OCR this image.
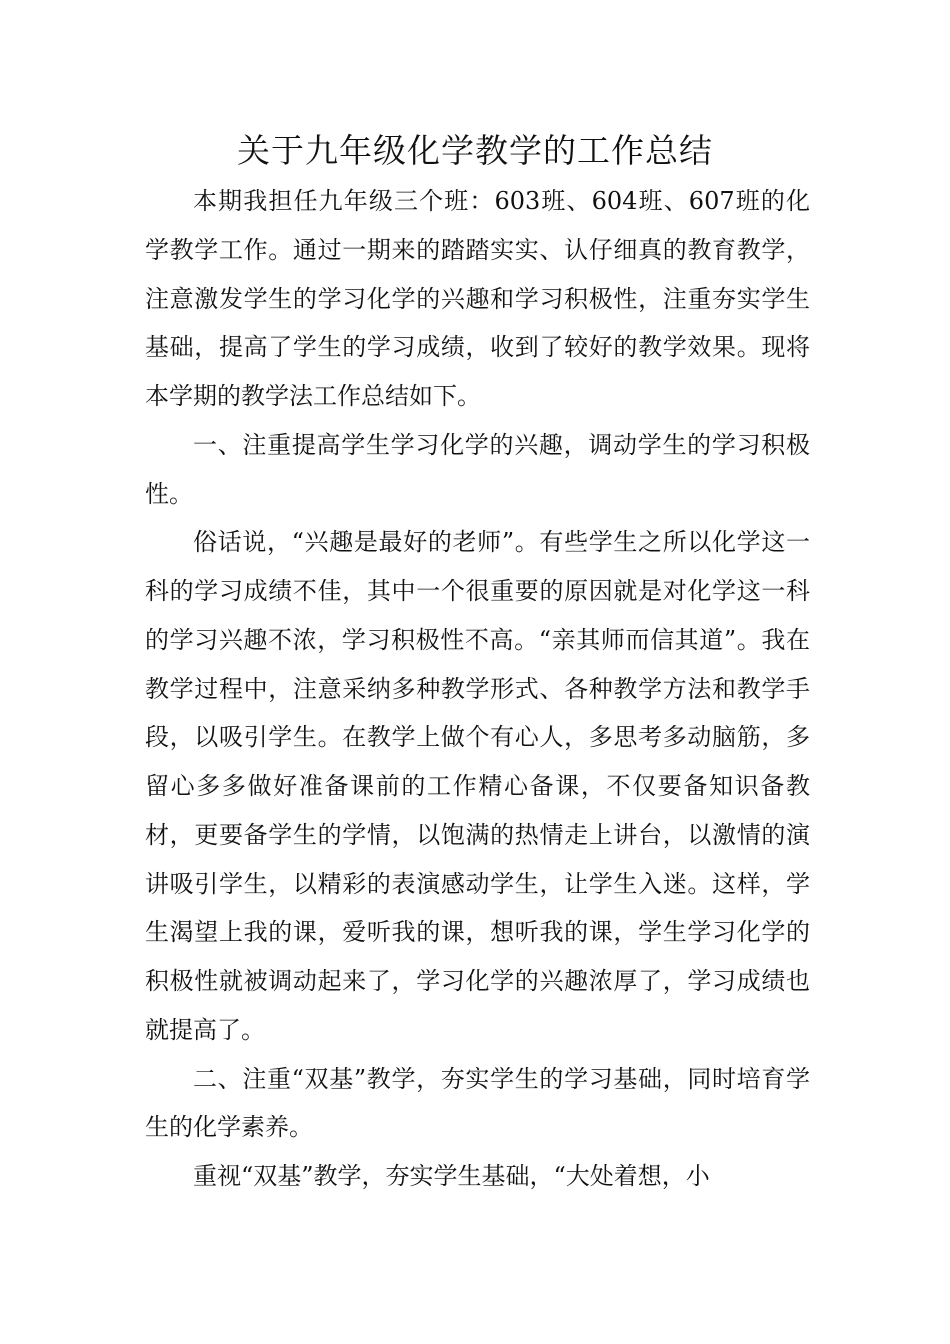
关于九年级化学教学的工作总结

本期我担任九年级三个班：603班、604班、607班的化学教学工作。通过一期来的踏踏实实、认仔细真的教育教学，注意激发学生的学习化学的兴趣和学习积极性，注重夯实学生基础，提高了学生的学习成绩，收到了较好的教学效果。现将本学期的教学法工作总结如下。

一、注重提高学生学习化学的兴趣，调动学生的学习积极性。

俗话说，“兴趣是最好的老师”。有些学生之所以化学这一科的学习成绩不佳，其中一个很重要的原因就是对化学这一科的学习兴趣不浓，学习积极性不高。“亲其师而信其道”。我在教学过程中，注意采纳多种教学形式、各种教学方法和教学手段，以吸引学生。在教学上做个有心人，多思考多动脑筋，多留心多多做好准备课前的工作精心备课，不仅要备知识备教材，更要备学生的学情，以饱满的热情走上讲台，以激情的演讲吸引学生，以精彩的表演感动学生，让学生入迷。这样，学生渴望上我的课，爱听我的课，想听我的课，学生学习化学的积极性就被调动起来了，学习化学的兴趣浓厚了，学习成绩也就提高了。

二、注重“双基”教学，夯实学生的学习基础，同时培育学生的化学素养。

重视“双基”教学，夯实学生基础，“大处着想，小
